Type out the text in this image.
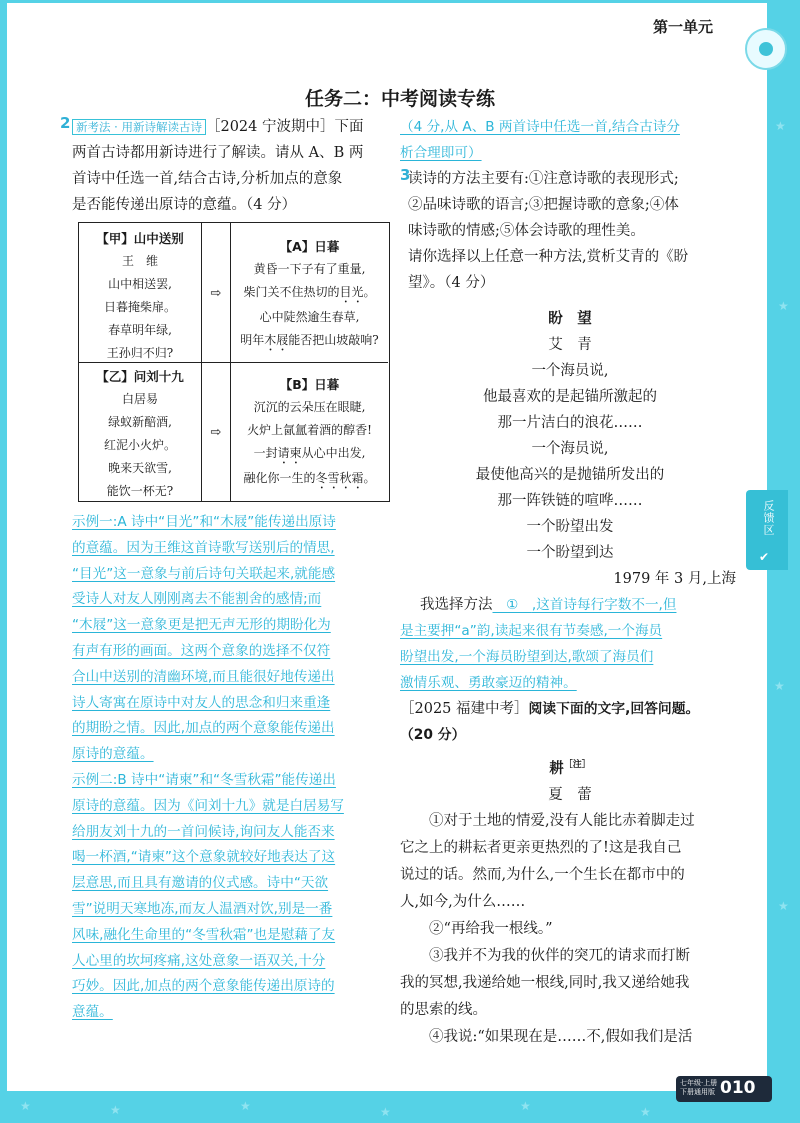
★	★	★	★	★	★
★
★
★
★
第一单元
任务二：中考阅读专练
2 新考法 · 用新诗解读古诗 ［2024 宁波期中］下面
两首古诗都用新诗进行了解读。请从 A、B 两
首诗中任选一首,结合古诗,分析加点的意象
是否能传递出原诗的意蕴。（4 分）
【甲】山中送别
王　维
山中相送罢,
日暮掩柴扉。
春草明年绿,
王孙归不归?
⇨
【A】日暮
黄昏一下子有了重量,
柴门关不住热切的目光。
心中陡然逾生春草,
明年木屐能否把山坡敲响?
【乙】问刘十九
白居易
绿蚁新醅酒,
红泥小火炉。
晚来天欲雪,
能饮一杯无?
⇨
【B】日暮
沉沉的云朵压在眼睫,
火炉上氤氲着酒的醇香!
一封请柬从心中出发,
融化你一生的冬雪秋霜。
示例一:A 诗中“目光”和“木屐”能传递出原诗
的意蕴。因为王维这首诗歌写送别后的情思,
“目光”这一意象与前后诗句关联起来,就能感
受诗人对友人刚刚离去不能割舍的感情;而
“木屐”这一意象更是把无声无形的期盼化为
有声有形的画面。这两个意象的选择不仅符
合山中送别的清幽环境,而且能很好地传递出
诗人寄寓在原诗中对友人的思念和归来重逢
的期盼之情。因此,加点的两个意象能传递出
原诗的意蕴。
示例二:B 诗中“请柬”和“冬雪秋霜”能传递出
原诗的意蕴。因为《问刘十九》就是白居易写
给朋友刘十九的一首问候诗,询问友人能否来
喝一杯酒,“请柬”这个意象就较好地表达了这
层意思,而且具有邀请的仪式感。诗中“天欲
雪”说明天寒地冻,而友人温酒对饮,别是一番
风味,融化生命里的“冬雪秋霜”也是慰藉了友
人心里的坎坷疼痛,这处意象一语双关,十分
巧妙。因此,加点的两个意象能传递出原诗的
意蕴。
（4 分,从 A、B 两首诗中任选一首,结合古诗分
析合理即可）
读诗的方法主要有:①注意诗歌的表现形式;
②品味诗歌的语言;③把握诗歌的意象;④体
味诗歌的情感;⑤体会诗歌的理性美。
请你选择以上任意一种方法,赏析艾青的《盼
望》。（4 分）
盼　望
艾　青
一个海员说,
他最喜欢的是起锚所激起的
那一片洁白的浪花……
一个海员说,
最使他高兴的是抛锚所发出的
那一阵铁链的喧哗……
一个盼望出发
一个盼望到达
1979 年 3 月,上海
我选择方法　①　,这首诗每行字数不一,但
是主要押“a”韵,读起来很有节奏感,一个海员
盼望出发,一个海员盼望到达,歌颂了海员们
激情乐观、勇敢豪迈的精神。
［2025 福建中考］阅读下面的文字,回答问题。
（20 分）
耕$^{[注]}$
夏　蕾
①对于土地的情爱,没有人能比赤着脚走过
它之上的耕耘者更亲更热烈的了!这是我自己
说过的话。然而,为什么,一个生长在都市中的
人,如今,为什么……
②“再给我一根线。”
③我并不为我的伙伴的突兀的请求而打断
我的冥想,我递给她一根线,同时,我又递给她我
的思索的线。
④我说:“如果现在是……不,假如我们是活
3
反馈区
✔
七年级·上册 下册通用版 010
